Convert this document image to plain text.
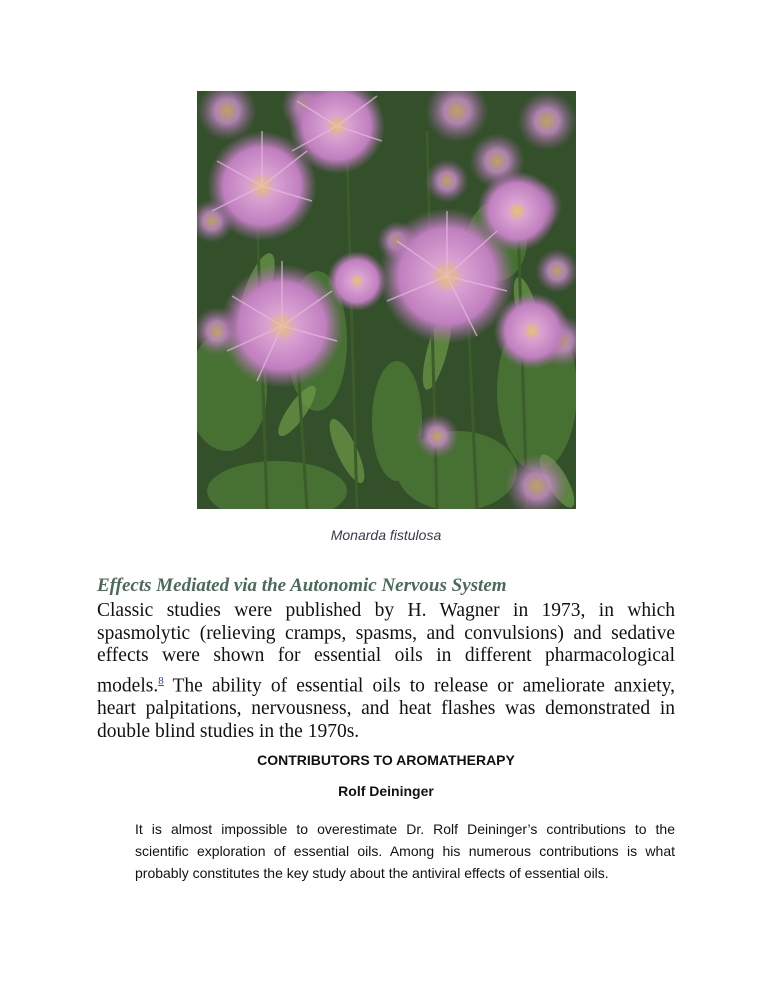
Monarda fistulosa
Effects Mediated via the Autonomic Nervous System

Classic studies were published by H. Wagner in 1973, in which spasmolytic (relieving cramps, spasms, and convulsions) and sedative effects were shown for essential oils in different pharmacological models.$^8$ The ability of essential oils to release or ameliorate anxiety, heart palpitations, nervousness, and heat flashes was demonstrated in double blind studies in the 1970s.

CONTRIBUTORS TO AROMATHERAPY
Rolf Deininger

It is almost impossible to overestimate Dr. Rolf Deininger’s contributions to the scientific exploration of essential oils. Among his numerous contributions is what probably constitutes the key study about the antiviral effects of essential oils.
